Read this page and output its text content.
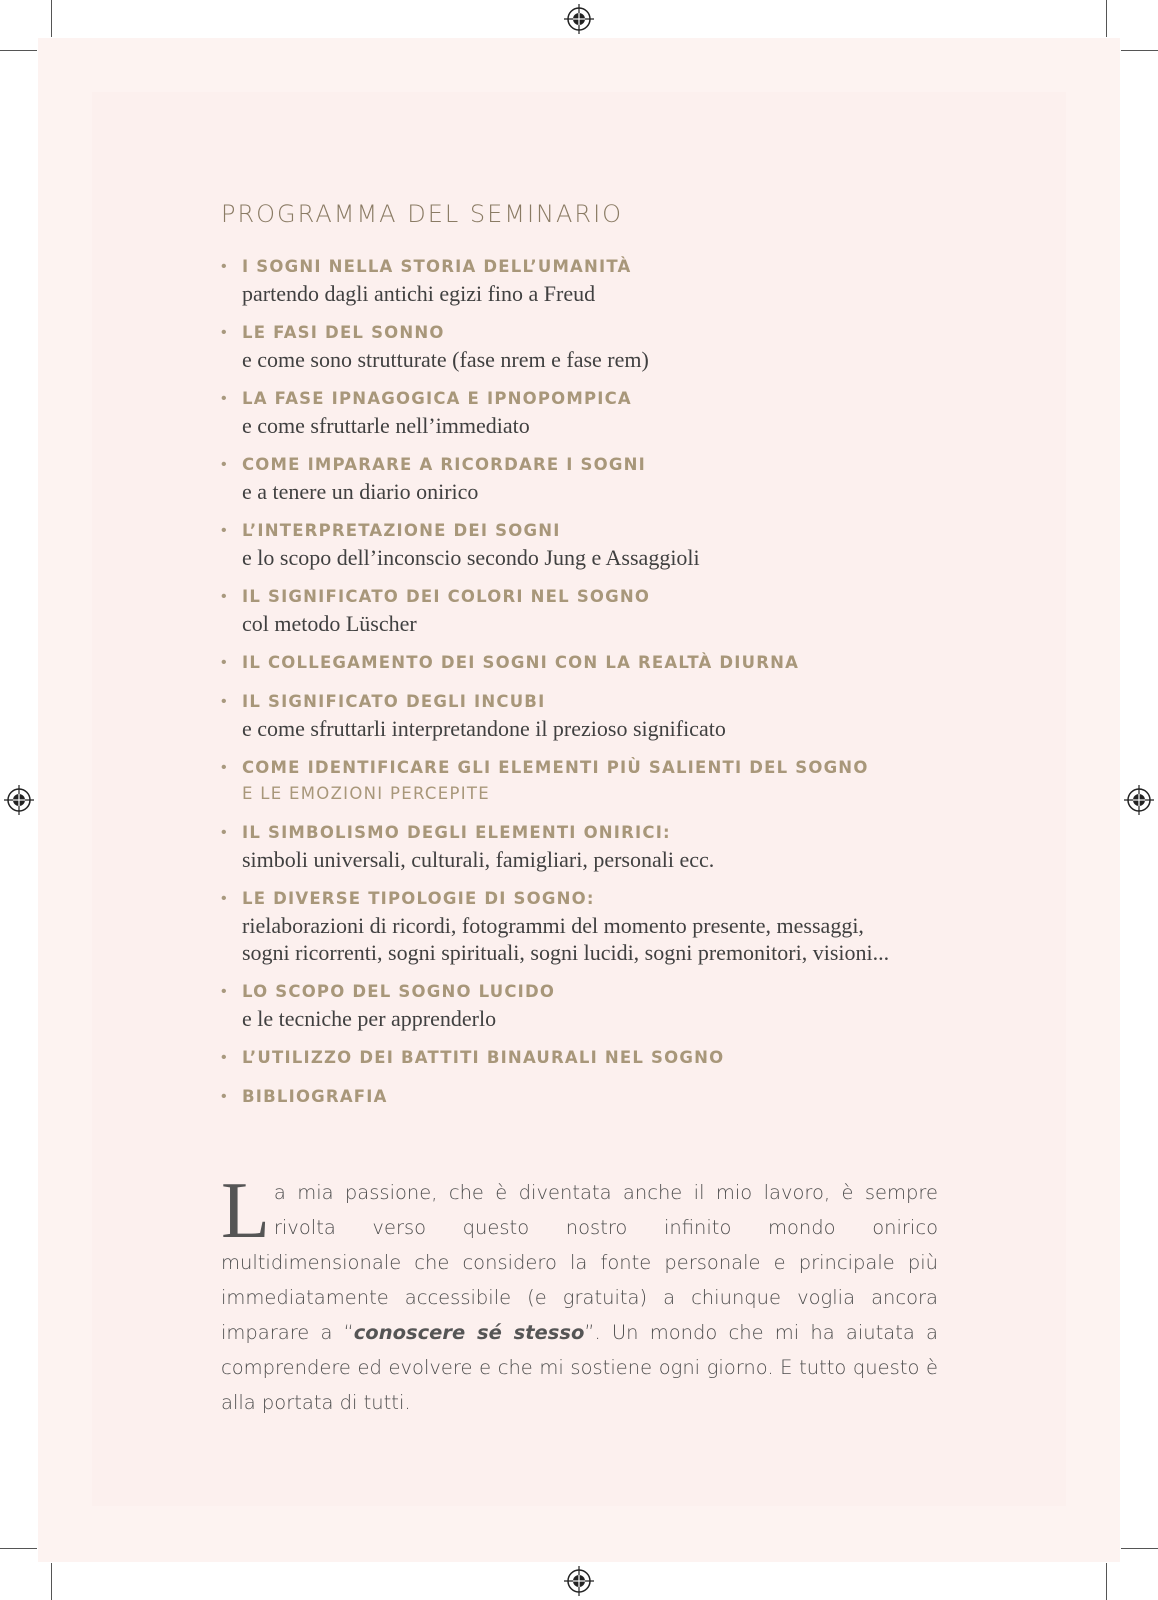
PROGRAMMA DEL SEMINARIO
• I SOGNI NELLA STORIA DELL’UMANITÀ
partendo dagli antichi egizi fino a Freud
• LE FASI DEL SONNO
e come sono strutturate (fase nrem e fase rem)
• LA FASE IPNAGOGICA E IPNOPOMPICA
e come sfruttarle nell’immediato
• COME IMPARARE A RICORDARE I SOGNI
e a tenere un diario onirico
• L’INTERPRETAZIONE DEI SOGNI
e lo scopo dell’inconscio secondo Jung e Assaggioli
• IL SIGNIFICATO DEI COLORI NEL SOGNO
col metodo Lüscher
• IL COLLEGAMENTO DEI SOGNI CON LA REALTÀ DIURNA
• IL SIGNIFICATO DEGLI INCUBI
e come sfruttarli interpretandone il prezioso significato
• COME IDENTIFICARE GLI ELEMENTI PIÙ SALIENTI DEL SOGNO
E LE EMOZIONI PERCEPITE
• IL SIMBOLISMO DEGLI ELEMENTI ONIRICI:
simboli universali, culturali, famigliari, personali ecc.
• LE DIVERSE TIPOLOGIE DI SOGNO:
rielaborazioni di ricordi, fotogrammi del momento presente, messaggi,
sogni ricorrenti, sogni spirituali, sogni lucidi, sogni premonitori, visioni...
• LO SCOPO DEL SOGNO LUCIDO
e le tecniche per apprenderlo
• L’UTILIZZO DEI BATTITI BINAURALI NEL SOGNO
• BIBLIOGRAFIA

La mia passione, che è diventata anche il mio lavoro, è sempre rivolta verso questo nostro infinito mondo onirico multidimensionale che considero la fonte personale e principale più immediatamente accessibile (e gratuita) a chiunque voglia ancora imparare a “conoscere sé stesso”. Un mondo che mi ha aiutata a comprendere ed evolvere e che mi sostiene ogni giorno. E tutto questo è alla portata di tutti.
